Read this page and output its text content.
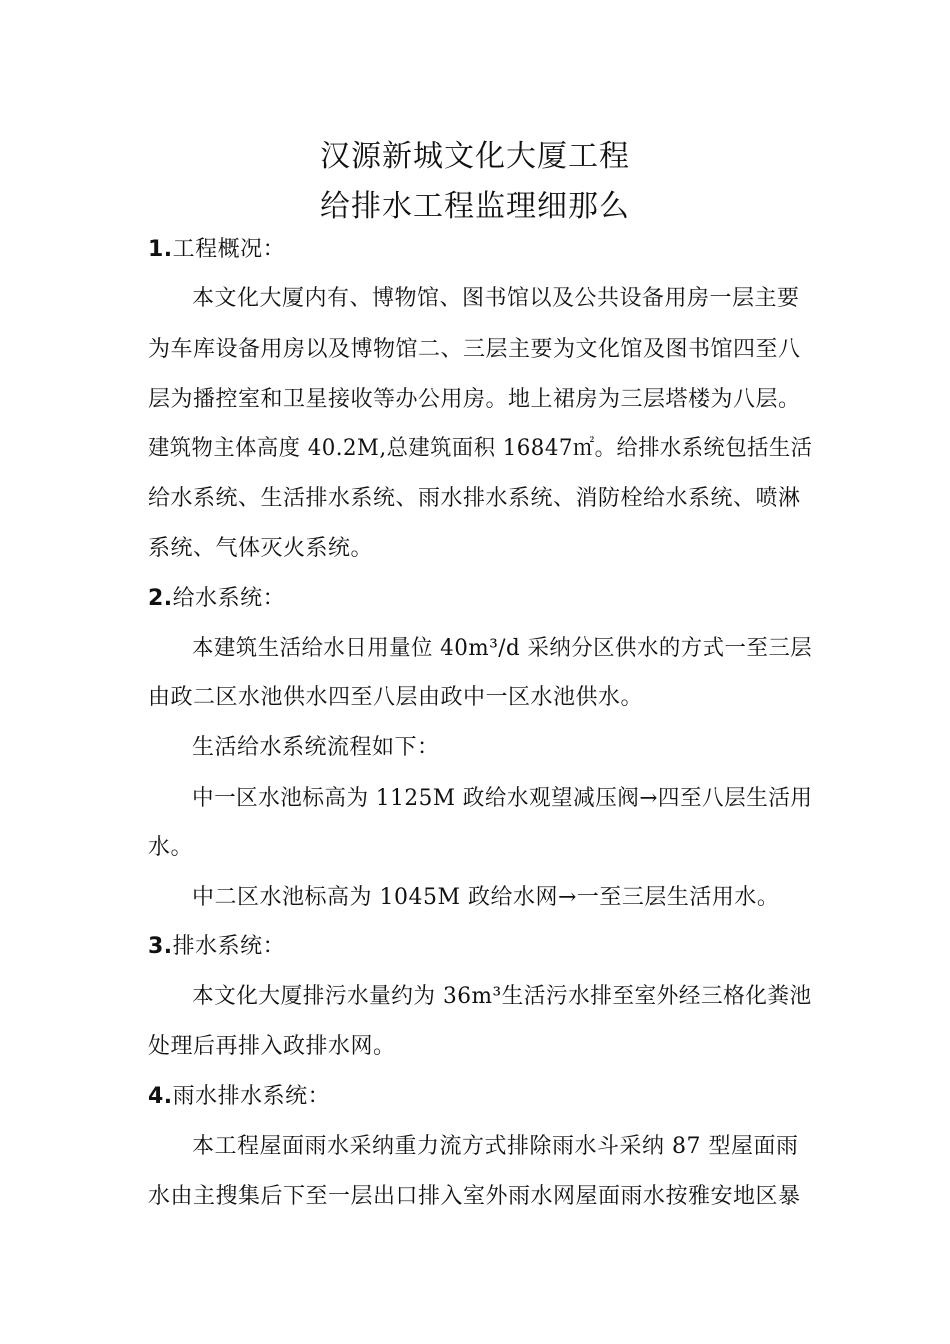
汉源新城文化大厦工程
给排水工程监理细那么
1.工程概况：
本文化大厦内有、博物馆、图书馆以及公共设备用房一层主要
为车库设备用房以及博物馆二、三层主要为文化馆及图书馆四至八
层为播控室和卫星接收等办公用房。地上裙房为三层塔楼为八层。
建筑物主体高度 40.2M,总建筑面积 16847㎡。给排水系统包括生活
给水系统、生活排水系统、雨水排水系统、消防栓给水系统、喷淋
系统、气体灭火系统。
2.给水系统：
本建筑生活给水日用量位 40m³/d 采纳分区供水的方式一至三层
由政二区水池供水四至八层由政中一区水池供水。
生活给水系统流程如下：
中一区水池标高为 1125M 政给水观望减压阀→四至八层生活用
水。
中二区水池标高为 1045M 政给水网→一至三层生活用水。
3.排水系统：
本文化大厦排污水量约为 36m³生活污水排至室外经三格化粪池
处理后再排入政排水网。
4.雨水排水系统：
本工程屋面雨水采纳重力流方式排除雨水斗采纳 87 型屋面雨
水由主搜集后下至一层出口排入室外雨水网屋面雨水按雅安地区暴
